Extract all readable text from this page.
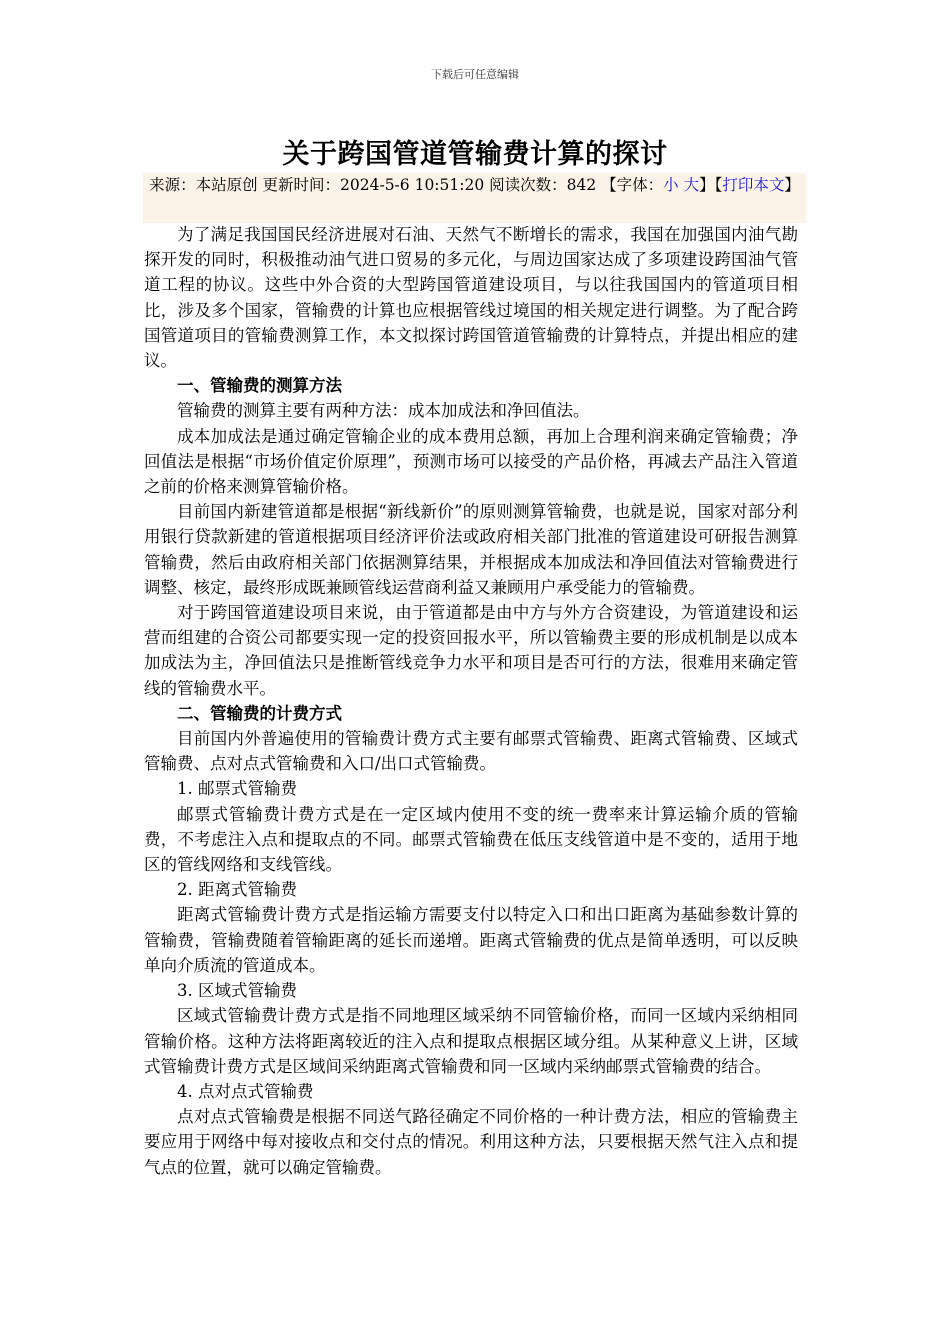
下载后可任意编辑
关于跨国管道管输费计算的探讨
来源：本站原创 更新时间：2024-5-6 10:51:20 阅读次数：842 【字体：小 大】【打印本文】

为了满足我国国民经济进展对石油、天然气不断增长的需求，我国在加强国内油气勘探开发的同时，积极推动油气进口贸易的多元化，与周边国家达成了多项建设跨国油气管道工程的协议。这些中外合资的大型跨国管道建设项目，与以往我国国内的管道项目相比，涉及多个国家，管输费的计算也应根据管线过境国的相关规定进行调整。为了配合跨国管道项目的管输费测算工作，本文拟探讨跨国管道管输费的计算特点，并提出相应的建议。

一、管输费的测算方法

管输费的测算主要有两种方法：成本加成法和净回值法。

成本加成法是通过确定管输企业的成本费用总额，再加上合理利润来确定管输费；净回值法是根据“市场价值定价原理”，预测市场可以接受的产品价格，再减去产品注入管道之前的价格来测算管输价格。

目前国内新建管道都是根据“新线新价”的原则测算管输费，也就是说，国家对部分利用银行贷款新建的管道根据项目经济评价法或政府相关部门批准的管道建设可研报告测算管输费，然后由政府相关部门依据测算结果，并根据成本加成法和净回值法对管输费进行调整、核定，最终形成既兼顾管线运营商利益又兼顾用户承受能力的管输费。

对于跨国管道建设项目来说，由于管道都是由中方与外方合资建设，为管道建设和运营而组建的合资公司都要实现一定的投资回报水平，所以管输费主要的形成机制是以成本加成法为主，净回值法只是推断管线竞争力水平和项目是否可行的方法，很难用来确定管线的管输费水平。

二、管输费的计费方式

目前国内外普遍使用的管输费计费方式主要有邮票式管输费、距离式管输费、区域式管输费、点对点式管输费和入口/出口式管输费。

1. 邮票式管输费

邮票式管输费计费方式是在一定区域内使用不变的统一费率来计算运输介质的管输费，不考虑注入点和提取点的不同。邮票式管输费在低压支线管道中是不变的，适用于地区的管线网络和支线管线。

2. 距离式管输费

距离式管输费计费方式是指运输方需要支付以特定入口和出口距离为基础参数计算的管输费，管输费随着管输距离的延长而递增。距离式管输费的优点是简单透明，可以反映单向介质流的管道成本。

3. 区域式管输费

区域式管输费计费方式是指不同地理区域采纳不同管输价格，而同一区域内采纳相同管输价格。这种方法将距离较近的注入点和提取点根据区域分组。从某种意义上讲，区域式管输费计费方式是区域间采纳距离式管输费和同一区域内采纳邮票式管输费的结合。

4. 点对点式管输费

点对点式管输费是根据不同送气路径确定不同价格的一种计费方法，相应的管输费主要应用于网络中每对接收点和交付点的情况。利用这种方法，只要根据天然气注入点和提气点的位置，就可以确定管输费。
